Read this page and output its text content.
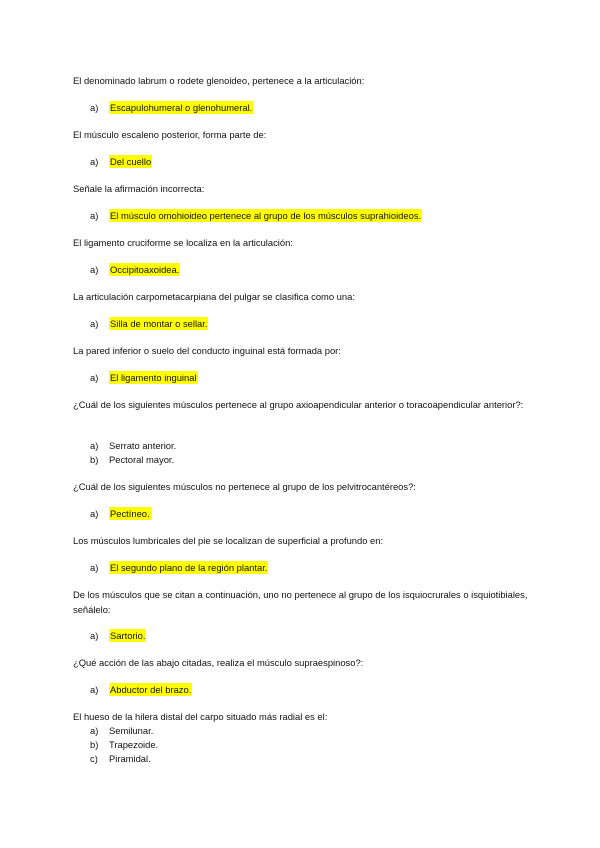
El denominado labrum o rodete glenoideo, pertenece a la articulación:
a) Escapulohumeral o glenohumeral.
El músculo escaleno posterior, forma parte de:
a) Del cuello
Señale la afirmación incorrecta:
a) El músculo omohioideo pertenece al grupo de los músculos suprahioideos.
El ligamento cruciforme se localiza en la articulación:
a) Occipitoaxoidea.
La articulación carpometacarpiana del pulgar se clasifica como una:
a) Silla de montar o sellar.
La pared inferior o suelo del conducto inguinal está formada por:
a) El ligamento inguinal
¿Cuál de los siguientes músculos pertenece al grupo axioapendicular anterior o toracoapendicular anterior?:
a) Serrato anterior.
b) Pectoral mayor.
¿Cuál de los siguientes músculos no pertenece al grupo de los pelvitrocantéreos?:
a) Pectíneo.
Los músculos lumbricales del pie se localizan de superficial a profundo en:
a) El segundo plano de la región plantar.
De los músculos que se citan a continuación, uno no pertenece al grupo de los isquiocrurales o isquiotibiales, señálelo:
a) Sartorio.
¿Qué acción de las abajo citadas, realiza el músculo supraespinoso?:
a) Abductor del brazo.
El hueso de la hilera distal del carpo situado más radial es el:
a) Semilunar.
b) Trapezoide.
c) Piramidal.
